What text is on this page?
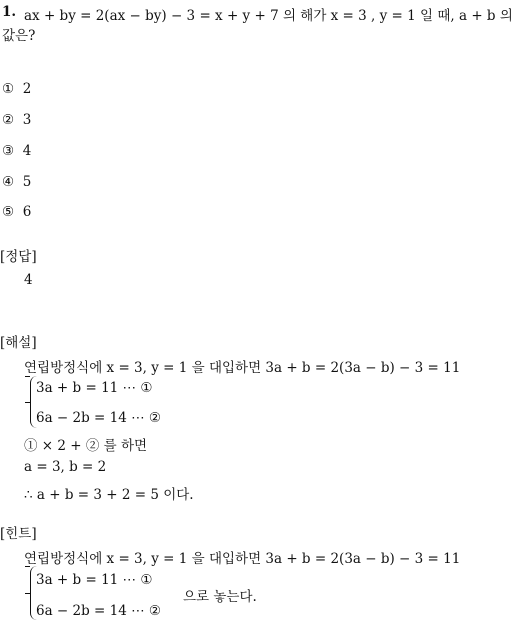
1. ax + by = 2(ax − by) − 3 = x + y + 7 의 해가 x = 3 , y = 1 일 때, a + b 의
값은?
① 2
② 3
③ 4
④ 5
⑤ 6
[정답]
4
[해설]
연립방정식에 x = 3, y = 1 을 대입하면 3a + b = 2(3a − b) − 3 = 11
3a + b = 11 ⋯ ①
6a − 2b = 14 ⋯ ②
① × 2 + ② 를 하면
a = 3, b = 2
∴ a + b = 3 + 2 = 5 이다.
[힌트]
연립방정식에 x = 3, y = 1 을 대입하면 3a + b = 2(3a − b) − 3 = 11
3a + b = 11 ⋯ ①
6a − 2b = 14 ⋯ ②
으로 놓는다.
